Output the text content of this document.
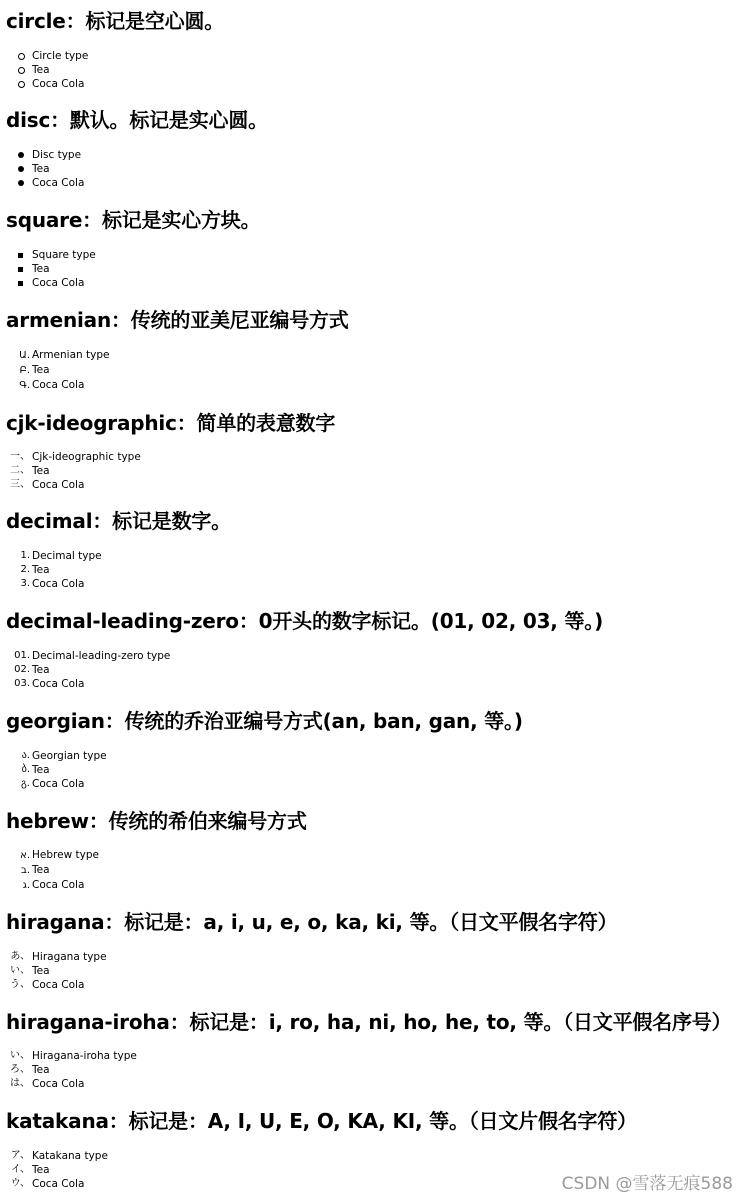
circle：标记是空心圆。
Circle type
Tea
Coca Cola
disc：默认。标记是实心圆。
Disc type
Tea
Coca Cola
square：标记是实心方块。
Square type
Tea
Coca Cola
armenian：传统的亚美尼亚编号方式
Ա. Armenian type
Բ. Tea
Գ. Coca Cola
cjk-ideographic：简单的表意数字
一、 Cjk-ideographic type
二、 Tea
三、 Coca Cola
decimal：标记是数字。
1. Decimal type
2. Tea
3. Coca Cola
decimal-leading-zero：0开头的数字标记。(01, 02, 03, 等。)
01. Decimal-leading-zero type
02. Tea
03. Coca Cola
georgian：传统的乔治亚编号方式(an, ban, gan, 等。)
ა. Georgian type
ბ. Tea
გ. Coca Cola
hebrew：传统的希伯来编号方式
א. Hebrew type
ב. Tea
ג. Coca Cola
hiragana：标记是：a, i, u, e, o, ka, ki, 等。（日文平假名字符）
あ、 Hiragana type
い、 Tea
う、 Coca Cola
hiragana-iroha：标记是：i, ro, ha, ni, ho, he, to, 等。（日文平假名序号）
い、 Hiragana-iroha type
ろ、 Tea
は、 Coca Cola
katakana：标记是：A, I, U, E, O, KA, KI, 等。（日文片假名字符）
ア、 Katakana type
イ、 Tea
ウ、 Coca Cola	CSDN @雪落无痕588
